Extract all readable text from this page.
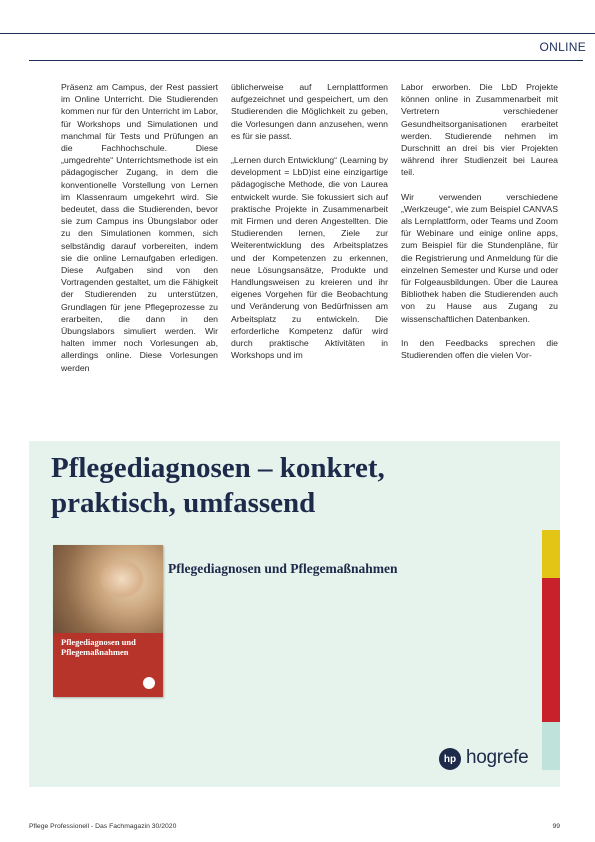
ONLINE

Präsenz am Campus, der Rest passiert im Online Unterricht. Die Studierenden kommen nur für den Unterricht im Labor, für Workshops und Simulationen und manchmal für Tests und Prüfungen an die Fachhochschule. Diese „umgedrehte“ Unterrichtsmethode ist ein pädagogischer Zugang, in dem die konventionelle Vorstellung von Lernen im Klassenraum umgekehrt wird. Sie bedeutet, dass die Studierenden, bevor sie zum Campus ins Übungslabor oder zu den Simulationen kommen, sich selbständig darauf vorbereiten, indem sie die online Lernaufgaben erledigen. Diese Aufgaben sind von den Vortragenden gestaltet, um die Fähigkeit der Studierenden zu unterstützen, Grundlagen für jene Pflegeprozesse zu erarbeiten, die dann in den Übungslabors simuliert werden. Wir halten immer noch Vorlesungen ab, allerdings online. Diese Vorlesungen werden

üblicherweise auf Lernplattformen aufgezeichnet und gespeichert, um den Studierenden die Möglichkeit zu geben, die Vorlesungen dann anzusehen, wenn es für sie passt.

„Lernen durch Entwicklung“ (Learning by development = LbD)ist eine einzigartige pädagogische Methode, die von Laurea entwickelt wurde. Sie fokussiert sich auf praktische Projekte in Zusammenarbeit mit Firmen und deren Angestellten. Die Studierenden lernen, Ziele zur Weiterentwicklung des Arbeitsplatzes und der Kompetenzen zu erkennen, neue Lösungsansätze, Produkte und Handlungsweisen zu kreieren und ihr eigenes Vorgehen für die Beobachtung und Veränderung von Bedürfnissen am Arbeitsplatz zu entwickeln. Die erforderliche Kompetenz dafür wird durch praktische Aktivitäten in Workshops und im

Labor erworben. Die LbD Projekte können online in Zusammenarbeit mit Vertretern verschiedener Gesundheitsorganisationen erarbeitet werden. Studierende nehmen im Durschnitt an drei bis vier Projekten während ihrer Studienzeit bei Laurea teil.

Wir verwenden verschiedene „Werkzeuge“, wie zum Beispiel CANVAS als Lernplattform, oder Teams und Zoom für Webinare und einige online apps, zum Beispiel für die Stundenpläne, für die Registrierung und Anmeldung für die einzelnen Semester und Kurse und oder für Folgeausbildungen. Über die Laurea Bibliothek haben die Studierenden auch von zu Hause aus Zugang zu wissenschaftlichen Datenbanken.

In den Feedbacks sprechen die Studierenden offen die vielen Vor-

Pflegediagnosen – konkret,
praktisch, umfassend
Pflegediagnosen und Pflegemaßnahmen
Pflegediagnosen und Pflegemaßnahmen
hp hogrefe
Pflege Professionell - Das Fachmagazin 30/2020	99
